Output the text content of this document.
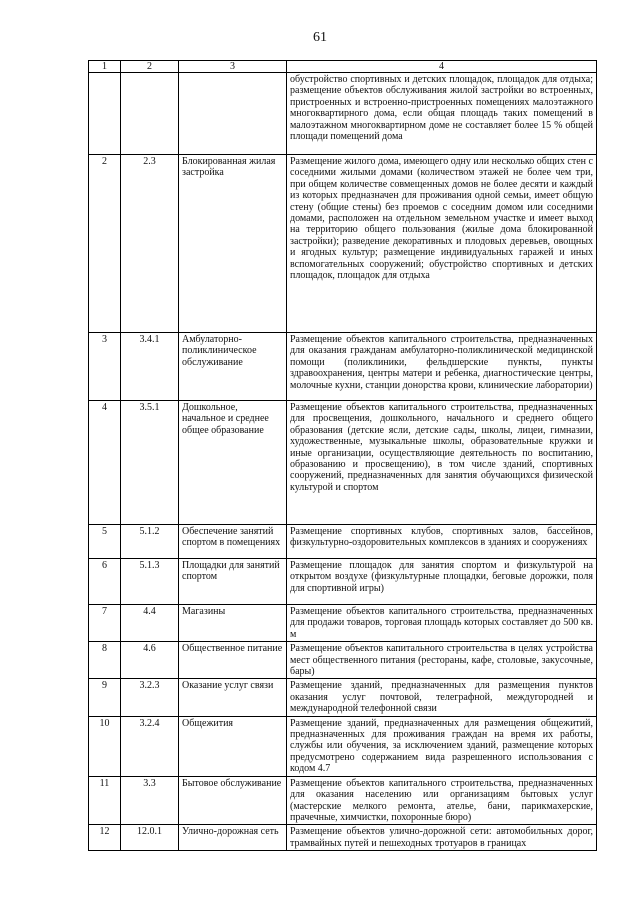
61
1	2	3	4
			обустройство спортивных и детских площадок, площадок для отдыха; размещение объектов обслуживания жилой застройки во встроенных, пристроенных и встроенно-пристроенных помещениях малоэтажного многоквартирного дома, если общая площадь таких помещений в малоэтажном многоквартирном доме не составляет более 15 % общей площади помещений дома
2	2.3	Блокированная жилая застройка	Размещение жилого дома, имеющего одну или несколько общих стен с соседними жилыми домами (количеством этажей не более чем три, при общем количестве совмещенных домов не более десяти и каждый из которых предназначен для проживания одной семьи, имеет общую стену (общие стены) без проемов с соседним домом или соседними домами, расположен на отдельном земельном участке и имеет выход на территорию общего пользования (жилые дома блокированной застройки); разведение декоративных и плодовых деревьев, овощных и ягодных культур; размещение индивидуальных гаражей и иных вспомогательных сооружений; обустройство спортивных и детских площадок, площадок для отдыха
3	3.4.1	Амбулаторно-поликлиническое обслуживание	Размещение объектов капитального строительства, предназначенных для оказания гражданам амбулаторно-поликлинической медицинской помощи (поликлиники, фельдшерские пункты, пункты здравоохранения, центры матери и ребенка, диагностические центры, молочные кухни, станции донорства крови, клинические лаборатории)
4	3.5.1	Дошкольное, начальное и среднее общее образование	Размещение объектов капитального строительства, предназначенных для просвещения, дошкольного, начального и среднего общего образования (детские ясли, детские сады, школы, лицеи, гимназии, художественные, музыкальные школы, образовательные кружки и иные организации, осуществляющие деятельность по воспитанию, образованию и просвещению), в том числе зданий, спортивных сооружений, предназначенных для занятия обучающихся физической культурой и спортом
5	5.1.2	Обеспечение занятий спортом в помещениях	Размещение спортивных клубов, спортивных залов, бассейнов, физкультурно-оздоровительных комплексов в зданиях и сооружениях
6	5.1.3	Площадки для занятий спортом	Размещение площадок для занятия спортом и физкультурой на открытом воздухе (физкультурные площадки, беговые дорожки, поля для спортивной игры)
7	4.4	Магазины	Размещение объектов капитального строительства, предназначенных для продажи товаров, торговая площадь которых составляет до 500 кв. м
8	4.6	Общественное питание	Размещение объектов капитального строительства в целях устройства мест общественного питания (рестораны, кафе, столовые, закусочные, бары)
9	3.2.3	Оказание услуг связи	Размещение зданий, предназначенных для размещения пунктов оказания услуг почтовой, телеграфной, междугородней и международной телефонной связи
10	3.2.4	Общежития	Размещение зданий, предназначенных для размещения общежитий, предназначенных для проживания граждан на время их работы, службы или обучения, за исключением зданий, размещение которых предусмотрено содержанием вида разрешенного использования с кодом 4.7
11	3.3	Бытовое обслуживание	Размещение объектов капитального строительства, предназначенных для оказания населению или организациям бытовых услуг (мастерские мелкого ремонта, ателье, бани, парикмахерские, прачечные, химчистки, похоронные бюро)
12	12.0.1	Улично-дорожная сеть	Размещение объектов улично-дорожной сети: автомобильных дорог, трамвайных путей и пешеходных тротуаров в границах
